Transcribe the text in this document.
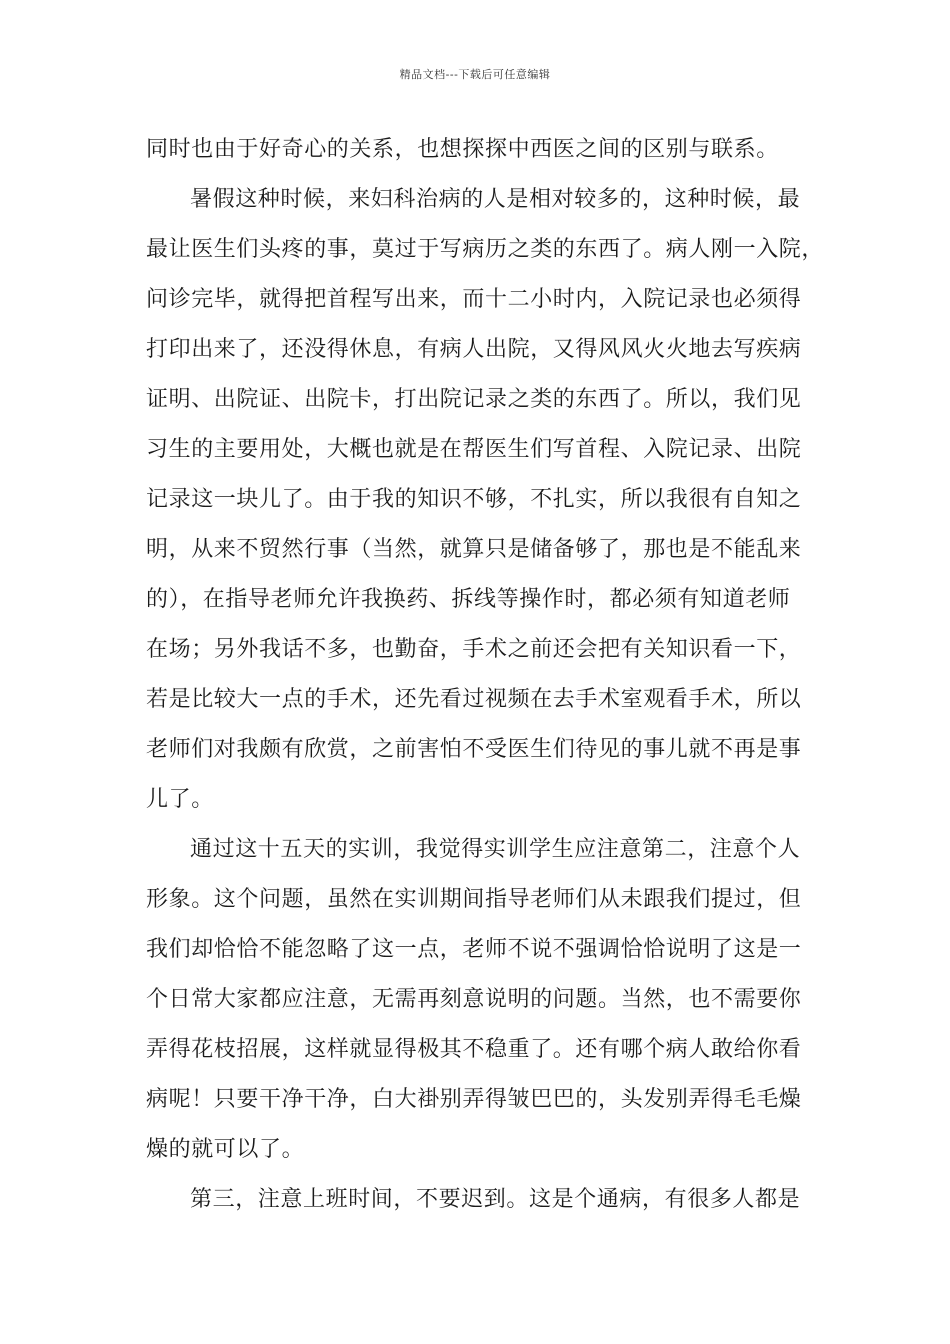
精品文档---下载后可任意编辑
同时也由于好奇心的关系，也想探探中西医之间的区别与联系。
暑假这种时候，来妇科治病的人是相对较多的，这种时候，最
最让医生们头疼的事，莫过于写病历之类的东西了。病人刚一入院，
问诊完毕，就得把首程写出来，而十二小时内，入院记录也必须得
打印出来了，还没得休息，有病人出院，又得风风火火地去写疾病
证明、出院证、出院卡，打出院记录之类的东西了。所以，我们见
习生的主要用处，大概也就是在帮医生们写首程、入院记录、出院
记录这一块儿了。由于我的知识不够，不扎实，所以我很有自知之
明，从来不贸然行事（当然，就算只是储备够了，那也是不能乱来
的），在指导老师允许我换药、拆线等操作时，都必须有知道老师
在场；另外我话不多，也勤奋，手术之前还会把有关知识看一下，
若是比较大一点的手术，还先看过视频在去手术室观看手术，所以
老师们对我颇有欣赏，之前害怕不受医生们待见的事儿就不再是事
儿了。
通过这十五天的实训，我觉得实训学生应注意第二，注意个人
形象。这个问题，虽然在实训期间指导老师们从未跟我们提过，但
我们却恰恰不能忽略了这一点，老师不说不强调恰恰说明了这是一
个日常大家都应注意，无需再刻意说明的问题。当然，也不需要你
弄得花枝招展，这样就显得极其不稳重了。还有哪个病人敢给你看
病呢！只要干净干净，白大褂别弄得皱巴巴的，头发别弄得毛毛燥
燥的就可以了。
第三，注意上班时间，不要迟到。这是个通病，有很多人都是
